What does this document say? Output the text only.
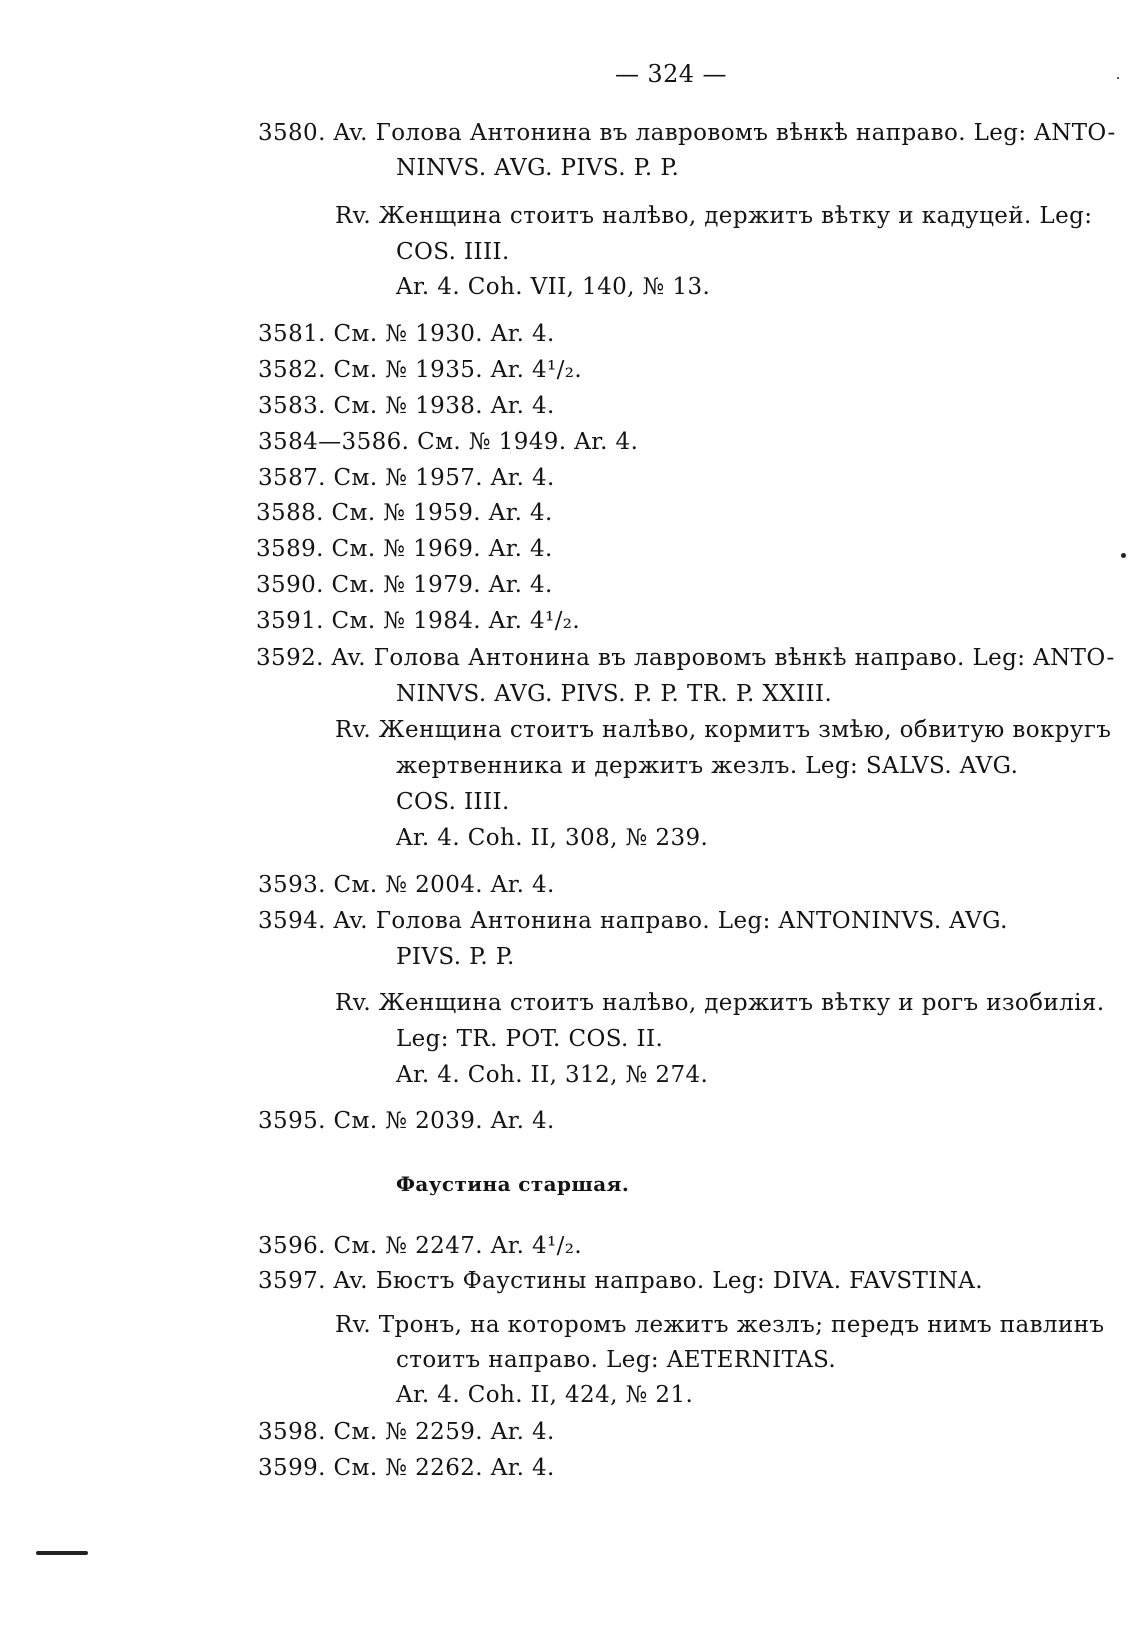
— 324 —
3580. Av. Голова Антонина въ лавровомъ вѣнкѣ направо. Leg: ANTO-
NINVS. AVG. PIVS. P. P.
Rv. Женщина стоитъ налѣво, держитъ вѣтку и кадуцей. Leg:
COS. IIII.
Ar. 4. Coh. VII, 140, № 13.
3581. См. № 1930. Ar. 4.
3582. См. № 1935. Ar. 4¹/₂.
3583. См. № 1938. Ar. 4.
3584—3586. См. № 1949. Ar. 4.
3587. См. № 1957. Ar. 4.
3588. См. № 1959. Ar. 4.
3589. См. № 1969. Ar. 4.
3590. См. № 1979. Ar. 4.
3591. См. № 1984. Ar. 4¹/₂.
3592. Av. Голова Антонина въ лавровомъ вѣнкѣ направо. Leg: ANTO-
NINVS. AVG. PIVS. P. P. TR. P. XXIII.
Rv. Женщина стоитъ налѣво, кормитъ змѣю, обвитую вокругъ
жертвенника и держитъ жезлъ. Leg: SALVS. AVG.
COS. IIII.
Ar. 4. Coh. II, 308, № 239.
3593. См. № 2004. Ar. 4.
3594. Av. Голова Антонина направо. Leg: ANTONINVS. AVG.
PIVS. P. P.
Rv. Женщина стоитъ налѣво, держитъ вѣтку и рогъ изобилія.
Leg: TR. POT. COS. II.
Ar. 4. Coh. II, 312, № 274.
3595. См. № 2039. Ar. 4.
Фаустина старшая.
3596. См. № 2247. Ar. 4¹/₂.
3597. Av. Бюстъ Фаустины направо. Leg: DIVA. FAVSTINA.
Rv. Тронъ, на которомъ лежитъ жезлъ; передъ нимъ павлинъ
стоитъ направо. Leg: AETERNITAS.
Ar. 4. Coh. II, 424, № 21.
3598. См. № 2259. Ar. 4.
3599. См. № 2262. Ar. 4.
